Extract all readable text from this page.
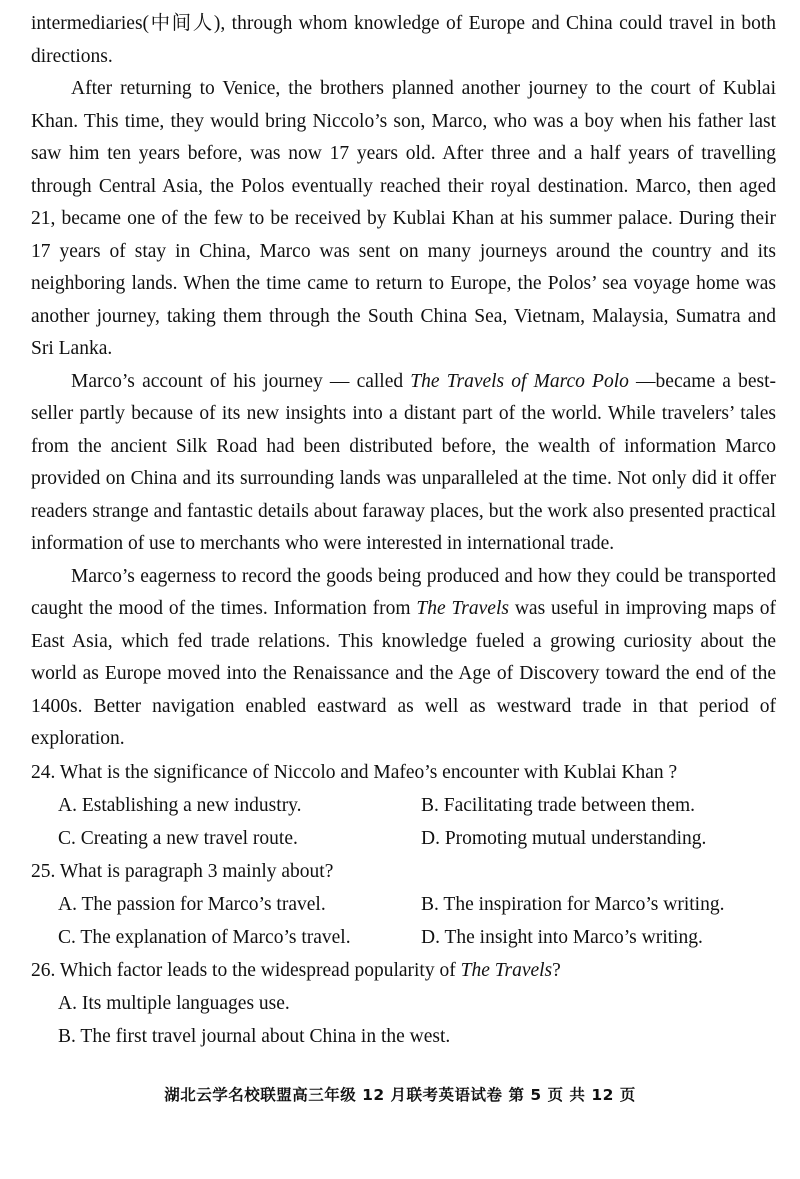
intermediaries(中间人), through whom knowledge of Europe and China could travel in both directions.

After returning to Venice, the brothers planned another journey to the court of Kublai Khan. This time, they would bring Niccolo’s son, Marco, who was a boy when his father last saw him ten years before, was now 17 years old. After three and a half years of travelling through Central Asia, the Polos eventually reached their royal destination. Marco, then aged 21, became one of the few to be received by Kublai Khan at his summer palace. During their 17 years of stay in China, Marco was sent on many journeys around the country and its neighboring lands. When the time came to return to Europe, the Polos’ sea voyage home was another journey, taking them through the South China Sea, Vietnam, Malaysia, Sumatra and Sri Lanka.

Marco’s account of his journey — called The Travels of Marco Polo —became a best-seller partly because of its new insights into a distant part of the world. While travelers’ tales from the ancient Silk Road had been distributed before, the wealth of information Marco provided on China and its surrounding lands was unparalleled at the time. Not only did it offer readers strange and fantastic details about faraway places, but the work also presented practical information of use to merchants who were interested in international trade.

Marco’s eagerness to record the goods being produced and how they could be transported caught the mood of the times. Information from The Travels was useful in improving maps of East Asia, which fed trade relations. This knowledge fueled a growing curiosity about the world as Europe moved into the Renaissance and the Age of Discovery toward the end of the 1400s. Better navigation enabled eastward as well as westward trade in that period of exploration.

24. What is the significance of Niccolo and Mafeo’s encounter with Kublai Khan ?

A. Establishing a new industry.	B. Facilitating trade between them.
C. Creating a new travel route.	D. Promoting mutual understanding.

25. What is paragraph 3 mainly about?

A. The passion for Marco’s travel.	B. The inspiration for Marco’s writing.
C. The explanation of Marco’s travel.	D. The insight into Marco’s writing.

26. Which factor leads to the widespread popularity of The Travels?

A. Its multiple languages use.
B. The first travel journal about China in the west.
湖北云学名校联盟高三年级 12 月联考英语试卷 第 5 页 共 12 页
